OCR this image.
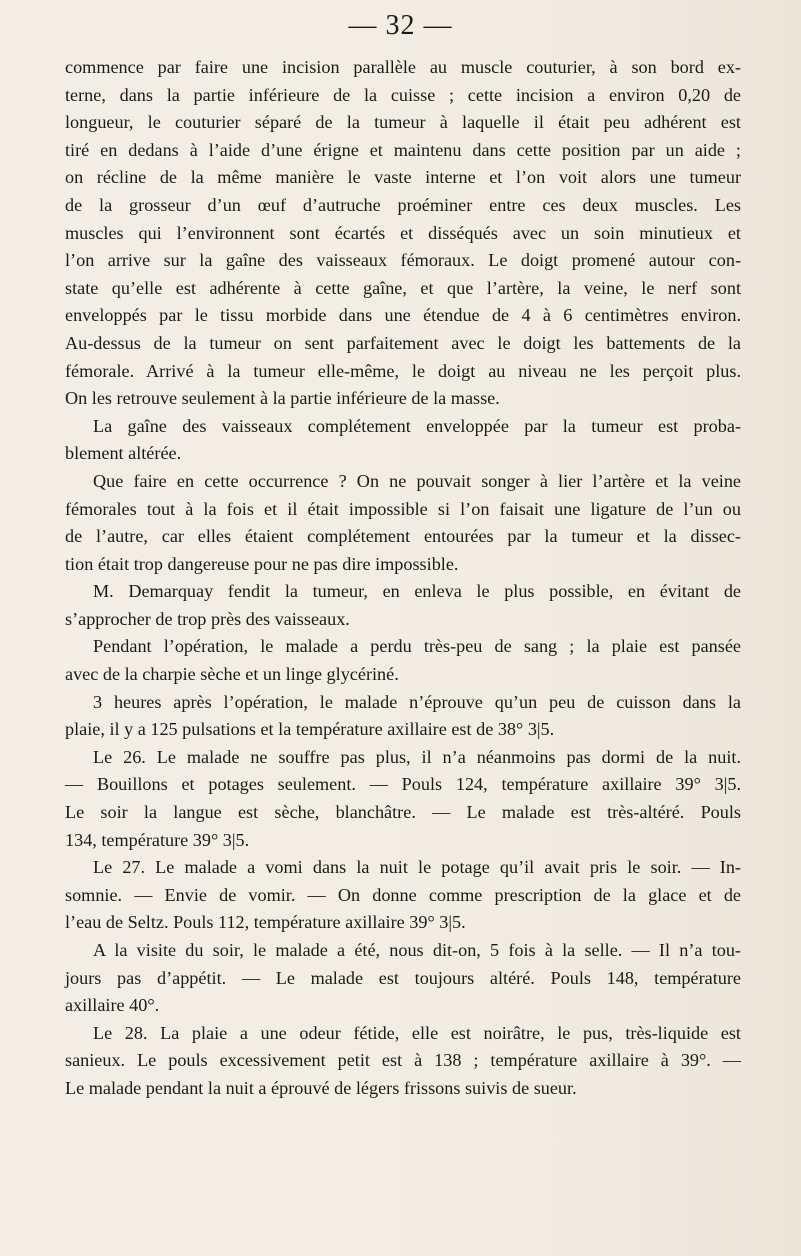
— 32 —
commence par faire une incision parallèle au muscle couturier, à son bord ex-
terne, dans la partie inférieure de la cuisse ; cette incision a environ 0,20 de
longueur, le couturier séparé de la tumeur à laquelle il était peu adhérent est
tiré en dedans à l’aide d’une érigne et maintenu dans cette position par un aide ;
on récline de la même manière le vaste interne et l’on voit alors une tumeur
de la grosseur d’un œuf d’autruche proéminer entre ces deux muscles. Les
muscles qui l’environnent sont écartés et disséqués avec un soin minutieux et
l’on arrive sur la gaîne des vaisseaux fémoraux. Le doigt promené autour con-
state qu’elle est adhérente à cette gaîne, et que l’artère, la veine, le nerf sont
enveloppés par le tissu morbide dans une étendue de 4 à 6 centimètres environ.
Au-dessus de la tumeur on sent parfaitement avec le doigt les battements de la
fémorale. Arrivé à la tumeur elle-même, le doigt au niveau ne les perçoit plus.
On les retrouve seulement à la partie inférieure de la masse.
La gaîne des vaisseaux complétement enveloppée par la tumeur est proba-
blement altérée.
Que faire en cette occurrence ? On ne pouvait songer à lier l’artère et la veine
fémorales tout à la fois et il était impossible si l’on faisait une ligature de l’un ou
de l’autre, car elles étaient complétement entourées par la tumeur et la dissec-
tion était trop dangereuse pour ne pas dire impossible.
M. Demarquay fendit la tumeur, en enleva le plus possible, en évitant de
s’approcher de trop près des vaisseaux.
Pendant l’opération, le malade a perdu très-peu de sang ; la plaie est pansée
avec de la charpie sèche et un linge glycériné.
3 heures après l’opération, le malade n’éprouve qu’un peu de cuisson dans la
plaie, il y a 125 pulsations et la température axillaire est de 38° 3|5.
Le 26. Le malade ne souffre pas plus, il n’a néanmoins pas dormi de la nuit.
— Bouillons et potages seulement. — Pouls 124, température axillaire 39° 3|5.
Le soir la langue est sèche, blanchâtre. — Le malade est très-altéré. Pouls
134, température 39° 3|5.
Le 27. Le malade a vomi dans la nuit le potage qu’il avait pris le soir. — In-
somnie. — Envie de vomir. — On donne comme prescription de la glace et de
l’eau de Seltz. Pouls 112, température axillaire 39° 3|5.
A la visite du soir, le malade a été, nous dit-on, 5 fois à la selle. — Il n’a tou-
jours pas d’appétit. — Le malade est toujours altéré. Pouls 148, température
axillaire 40°.
Le 28. La plaie a une odeur fétide, elle est noirâtre, le pus, très-liquide est
sanieux. Le pouls excessivement petit est à 138 ; température axillaire à 39°. —
Le malade pendant la nuit a éprouvé de légers frissons suivis de sueur.
